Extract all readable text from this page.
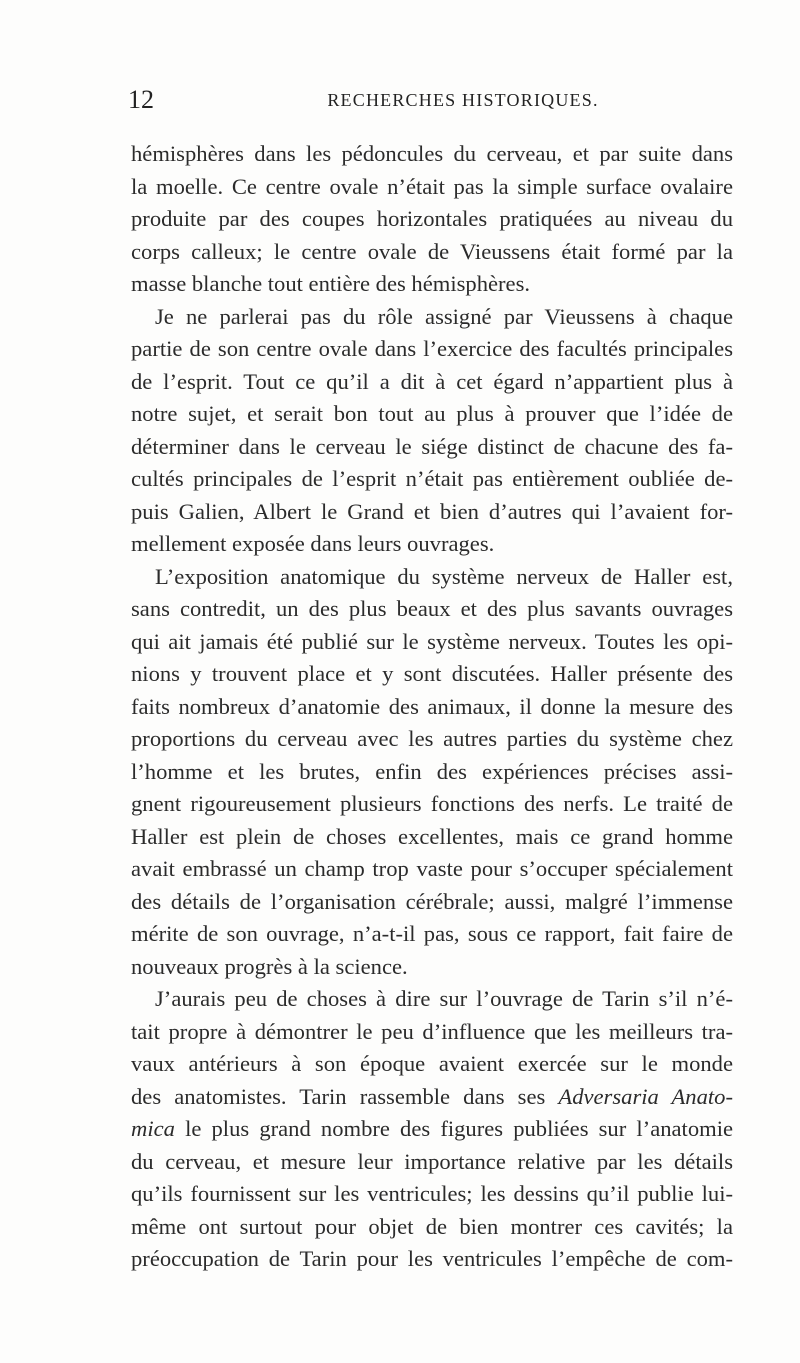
12	RECHERCHES HISTORIQUES.
hémisphères dans les pédoncules du cerveau, et par suite dans
la moelle. Ce centre ovale n’était pas la simple surface ovalaire
produite par des coupes horizontales pratiquées au niveau du
corps calleux; le centre ovale de Vieussens était formé par la
masse blanche tout entière des hémisphères.
Je ne parlerai pas du rôle assigné par Vieussens à chaque
partie de son centre ovale dans l’exercice des facultés principales
de l’esprit. Tout ce qu’il a dit à cet égard n’appartient plus à
notre sujet, et serait bon tout au plus à prouver que l’idée de
déterminer dans le cerveau le siége distinct de chacune des fa-
cultés principales de l’esprit n’était pas entièrement oubliée de-
puis Galien, Albert le Grand et bien d’autres qui l’avaient for-
mellement exposée dans leurs ouvrages.
L’exposition anatomique du système nerveux de Haller est,
sans contredit, un des plus beaux et des plus savants ouvrages
qui ait jamais été publié sur le système nerveux. Toutes les opi-
nions y trouvent place et y sont discutées. Haller présente des
faits nombreux d’anatomie des animaux, il donne la mesure des
proportions du cerveau avec les autres parties du système chez
l’homme et les brutes, enfin des expériences précises assi-
gnent rigoureusement plusieurs fonctions des nerfs. Le traité de
Haller est plein de choses excellentes, mais ce grand homme
avait embrassé un champ trop vaste pour s’occuper spécialement
des détails de l’organisation cérébrale; aussi, malgré l’immense
mérite de son ouvrage, n’a-t-il pas, sous ce rapport, fait faire de
nouveaux progrès à la science.
J’aurais peu de choses à dire sur l’ouvrage de Tarin s’il n’é-
tait propre à démontrer le peu d’influence que les meilleurs tra-
vaux antérieurs à son époque avaient exercée sur le monde
des anatomistes. Tarin rassemble dans ses Adversaria Anato-
mica le plus grand nombre des figures publiées sur l’anatomie
du cerveau, et mesure leur importance relative par les détails
qu’ils fournissent sur les ventricules; les dessins qu’il publie lui-
même ont surtout pour objet de bien montrer ces cavités; la
préoccupation de Tarin pour les ventricules l’empêche de com-
